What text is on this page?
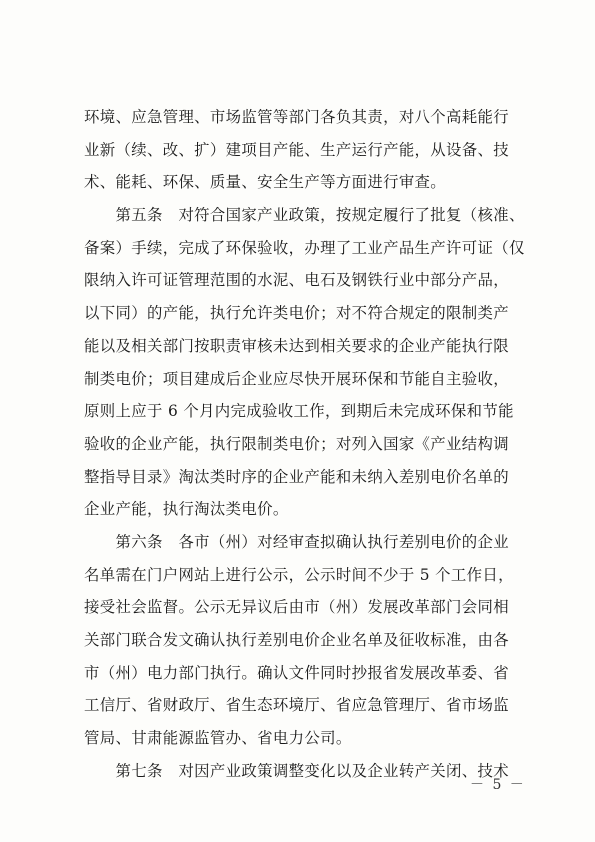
环境、应急管理、市场监管等部门各负其责，对八个高耗能行
业新（续、改、扩）建项目产能、生产运行产能，从设备、技
术、能耗、环保、质量、安全生产等方面进行审查。
　　第五条　对符合国家产业政策，按规定履行了批复（核准、
备案）手续，完成了环保验收，办理了工业产品生产许可证（仅
限纳入许可证管理范围的水泥、电石及钢铁行业中部分产品，
以下同）的产能，执行允许类电价；对不符合规定的限制类产
能以及相关部门按职责审核未达到相关要求的企业产能执行限
制类电价；项目建成后企业应尽快开展环保和节能自主验收，
原则上应于 6 个月内完成验收工作，到期后未完成环保和节能
验收的企业产能，执行限制类电价；对列入国家《产业结构调
整指导目录》淘汰类时序的企业产能和未纳入差别电价名单的
企业产能，执行淘汰类电价。
　　第六条　各市（州）对经审查拟确认执行差别电价的企业
名单需在门户网站上进行公示，公示时间不少于 5 个工作日，
接受社会监督。公示无异议后由市（州）发展改革部门会同相
关部门联合发文确认执行差别电价企业名单及征收标准，由各
市（州）电力部门执行。确认文件同时抄报省发展改革委、省
工信厅、省财政厅、省生态环境厅、省应急管理厅、省市场监
管局、甘肃能源监管办、省电力公司。
　　第七条　对因产业政策调整变化以及企业转产关闭、技术
－ 5 －
